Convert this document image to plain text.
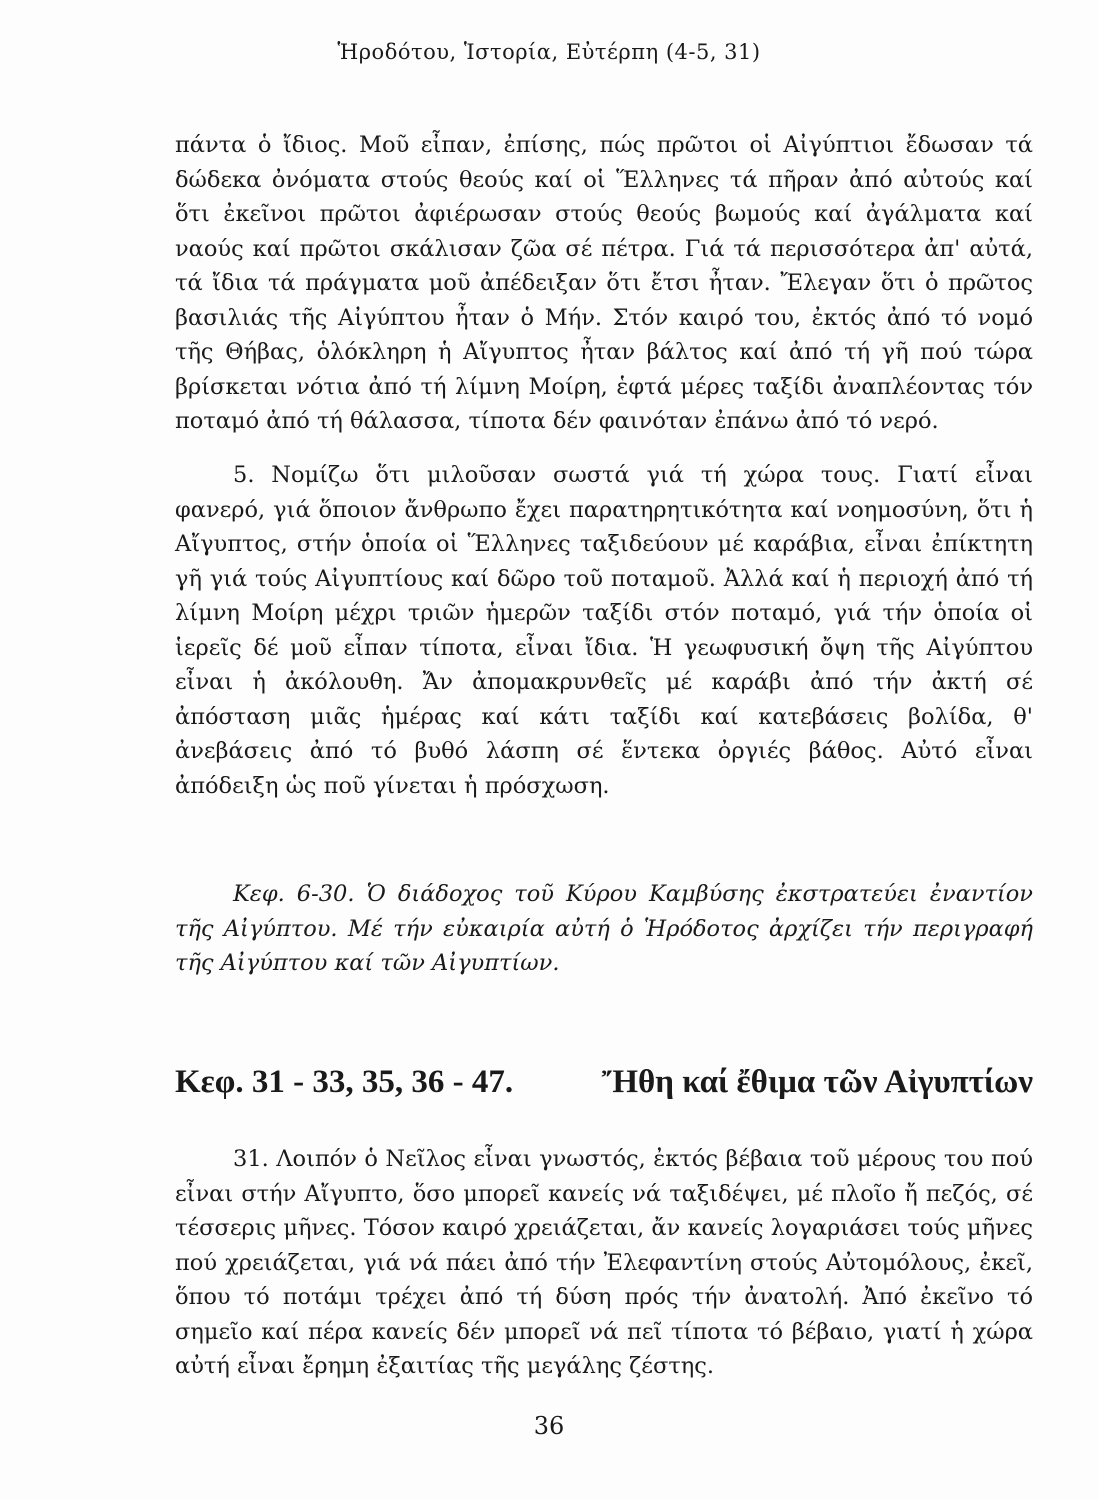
Ἡροδότου, Ἱστορία, Εὐτέρπη (4-5, 31)

πάντα ὁ ἴδιος. Μοῦ εἶπαν, ἐπίσης, πώς πρῶτοι οἱ Αἰγύπτιοι ἔδωσαν τά δώδεκα ὀνόματα στούς θεούς καί οἱ Ἕλληνες τά πῆραν ἀπό αὐτούς καί ὅτι ἐκεῖνοι πρῶτοι ἀφιέρωσαν στούς θεούς βωμούς καί ἀγάλματα καί ναούς καί πρῶτοι σκάλισαν ζῶα σέ πέτρα. Γιά τά περισσότερα ἀπ' αὐτά, τά ἴδια τά πράγματα μοῦ ἀπέδειξαν ὅτι ἔτσι ἦταν. Ἔλεγαν ὅτι ὁ πρῶτος βασιλιάς τῆς Αἰγύπτου ἦταν ὁ Μήν. Στόν καιρό του, ἐκτός ἀπό τό νομό τῆς Θήβας, ὁλόκληρη ἡ Αἴγυπτος ἦταν βάλτος καί ἀπό τή γῆ πού τώρα βρίσκεται νότια ἀπό τή λίμνη Μοίρη, ἑφτά μέρες ταξίδι ἀναπλέοντας τόν ποταμό ἀπό τή θάλασσα, τίποτα δέν φαινόταν ἐπάνω ἀπό τό νερό.

5. Νομίζω ὅτι μιλοῦσαν σωστά γιά τή χώρα τους. Γιατί εἶναι φανερό, γιά ὅποιον ἄνθρωπο ἔχει παρατηρητικότητα καί νοημοσύνη, ὅτι ἡ Αἴγυπτος, στήν ὁποία οἱ Ἕλληνες ταξιδεύουν μέ καράβια, εἶναι ἐπίκτητη γῆ γιά τούς Αἰγυπτίους καί δῶρο τοῦ ποταμοῦ. Ἀλλά καί ἡ περιοχή ἀπό τή λίμνη Μοίρη μέχρι τριῶν ἡμερῶν ταξίδι στόν ποταμό, γιά τήν ὁποία οἱ ἱερεῖς δέ μοῦ εἶπαν τίποτα, εἶναι ἴδια. Ἡ γεωφυσική ὄψη τῆς Αἰγύπτου εἶναι ἡ ἀκόλουθη. Ἄν ἀπομακρυνθεῖς μέ καράβι ἀπό τήν ἀκτή σέ ἀπόσταση μιᾶς ἡμέρας καί κάτι ταξίδι καί κατεβάσεις βολίδα, θ' ἀνεβάσεις ἀπό τό βυθό λάσπη σέ ἕντεκα ὀργιές βάθος. Αὐτό εἶναι ἀπόδειξη ὡς ποῦ γίνεται ἡ πρόσχωση.

Κεφ. 6-30. Ὁ διάδοχος τοῦ Κύρου Καμβύσης ἐκστρατεύει ἐναντίον τῆς Αἰγύπτου. Μέ τήν εὐκαιρία αὐτή ὁ Ἡρόδοτος ἀρχίζει τήν περιγραφή τῆς Αἰγύπτου καί τῶν Αἰγυπτίων.

Κεφ. 31 - 33, 35, 36 - 47.	Ἤθη καί ἔθιμα τῶν Αἰγυπτίων

31. Λοιπόν ὁ Νεῖλος εἶναι γνωστός, ἐκτός βέβαια τοῦ μέρους του πού εἶναι στήν Αἴγυπτο, ὅσο μπορεῖ κανείς νά ταξιδέψει, μέ πλοῖο ἤ πεζός, σέ τέσσερις μῆνες. Τόσον καιρό χρειάζεται, ἄν κανείς λογαριάσει τούς μῆνες πού χρειάζεται, γιά νά πάει ἀπό τήν Ἐλεφαντίνη στούς Αὐτομόλους, ἐκεῖ, ὅπου τό ποτάμι τρέχει ἀπό τή δύση πρός τήν ἀνατολή. Ἀπό ἐκεῖνο τό σημεῖο καί πέρα κανείς δέν μπορεῖ νά πεῖ τίποτα τό βέβαιο, γιατί ἡ χώρα αὐτή εἶναι ἔρημη ἐξαιτίας τῆς μεγάλης ζέστης.

36
